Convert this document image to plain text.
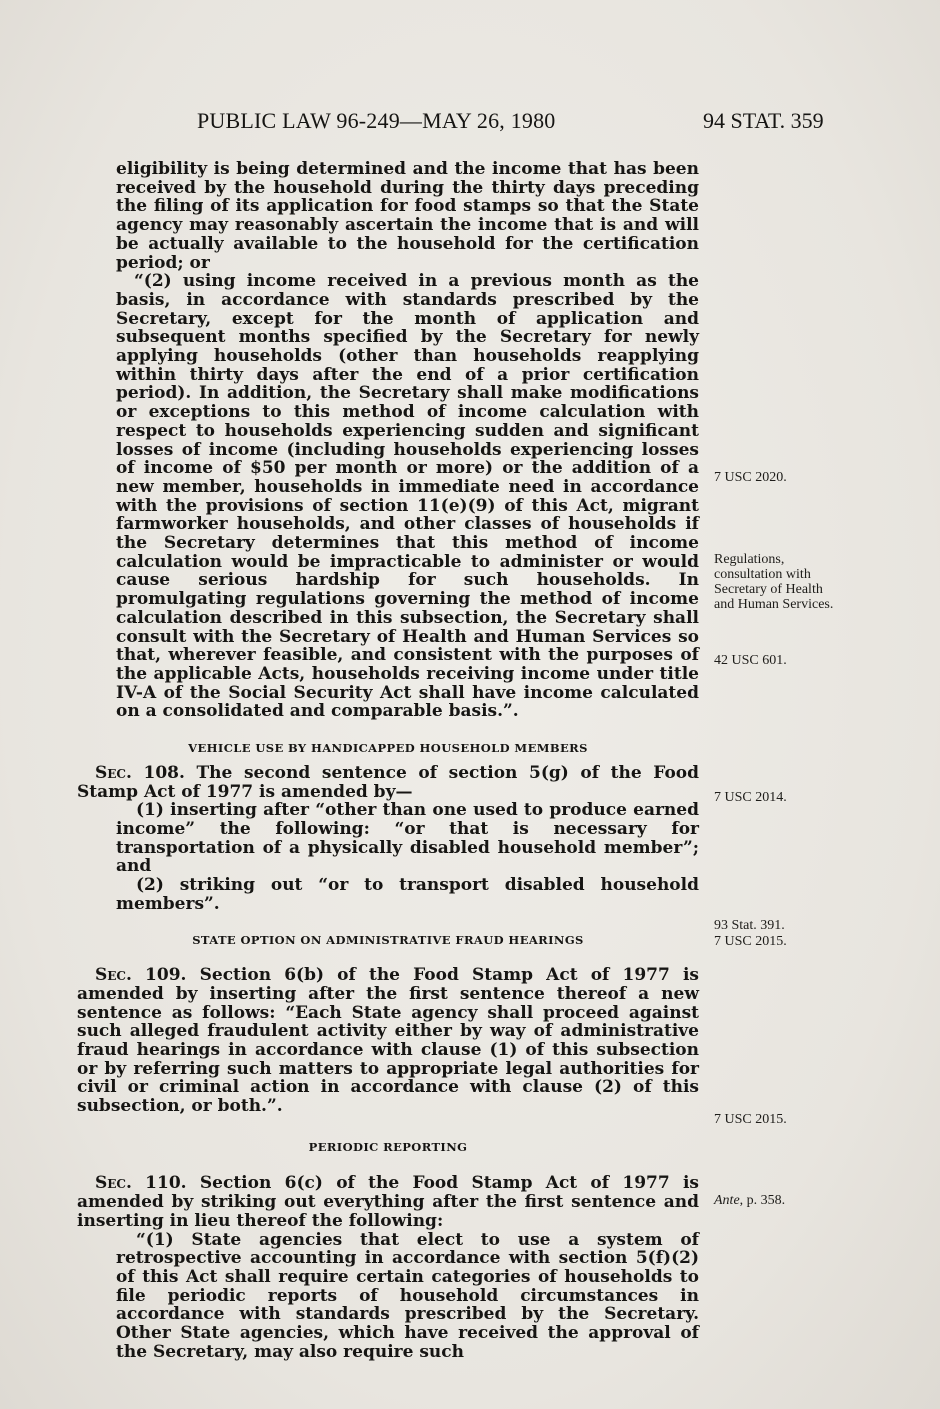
PUBLIC LAW 96-249—MAY 26, 1980	94 STAT. 359

eligibility is being determined and the income that has been received by the household during the thirty days preceding the filing of its application for food stamps so that the State agency may reasonably ascertain the income that is and will be actually available to the household for the certification period; or

“(2) using income received in a previous month as the basis, in accordance with standards prescribed by the Secretary, except for the month of application and subsequent months specified by the Secretary for newly applying households (other than households reapplying within thirty days after the end of a prior certification period). In addition, the Secretary shall make modifications or exceptions to this method of income calculation with respect to households experiencing sudden and significant losses of income (including households experiencing losses of income of $50 per month or more) or the addition of a new member, households in immediate need in accordance with the provisions of section 11(e)(9) of this Act, migrant farmworker households, and other classes of households if the Secretary determines that this method of income calculation would be impracticable to administer or would cause serious hardship for such households. In promulgating regulations governing the method of income calculation described in this subsection, the Secretary shall consult with the Secretary of Health and Human Services so that, wherever feasible, and consistent with the purposes of the applicable Acts, households receiving income under title IV-A of the Social Security Act shall have income calculated on a consolidated and comparable basis.”.

VEHICLE USE BY HANDICAPPED HOUSEHOLD MEMBERS

Sec. 108. The second sentence of section 5(g) of the Food Stamp Act of 1977 is amended by—

(1) inserting after “other than one used to produce earned income” the following: “or that is necessary for transportation of a physically disabled household member”; and

(2) striking out “or to transport disabled household members”.

STATE OPTION ON ADMINISTRATIVE FRAUD HEARINGS

Sec. 109. Section 6(b) of the Food Stamp Act of 1977 is amended by inserting after the first sentence thereof a new sentence as follows: “Each State agency shall proceed against such alleged fraudulent activity either by way of administrative fraud hearings in accordance with clause (1) of this subsection or by referring such matters to appropriate legal authorities for civil or criminal action in accordance with clause (2) of this subsection, or both.”.

PERIODIC REPORTING

Sec. 110. Section 6(c) of the Food Stamp Act of 1977 is amended by striking out everything after the first sentence and inserting in lieu thereof the following:

“(1) State agencies that elect to use a system of retrospective accounting in accordance with section 5(f)(2) of this Act shall require certain categories of households to file periodic reports of household circumstances in accordance with standards prescribed by the Secretary. Other State agencies, which have received the approval of the Secretary, may also require such

7 USC 2020.
Regulations, consultation with Secretary of Health and Human Services.
42 USC 601.
7 USC 2014.
93 Stat. 391.
7 USC 2015.
7 USC 2015.
Ante, p. 358.
